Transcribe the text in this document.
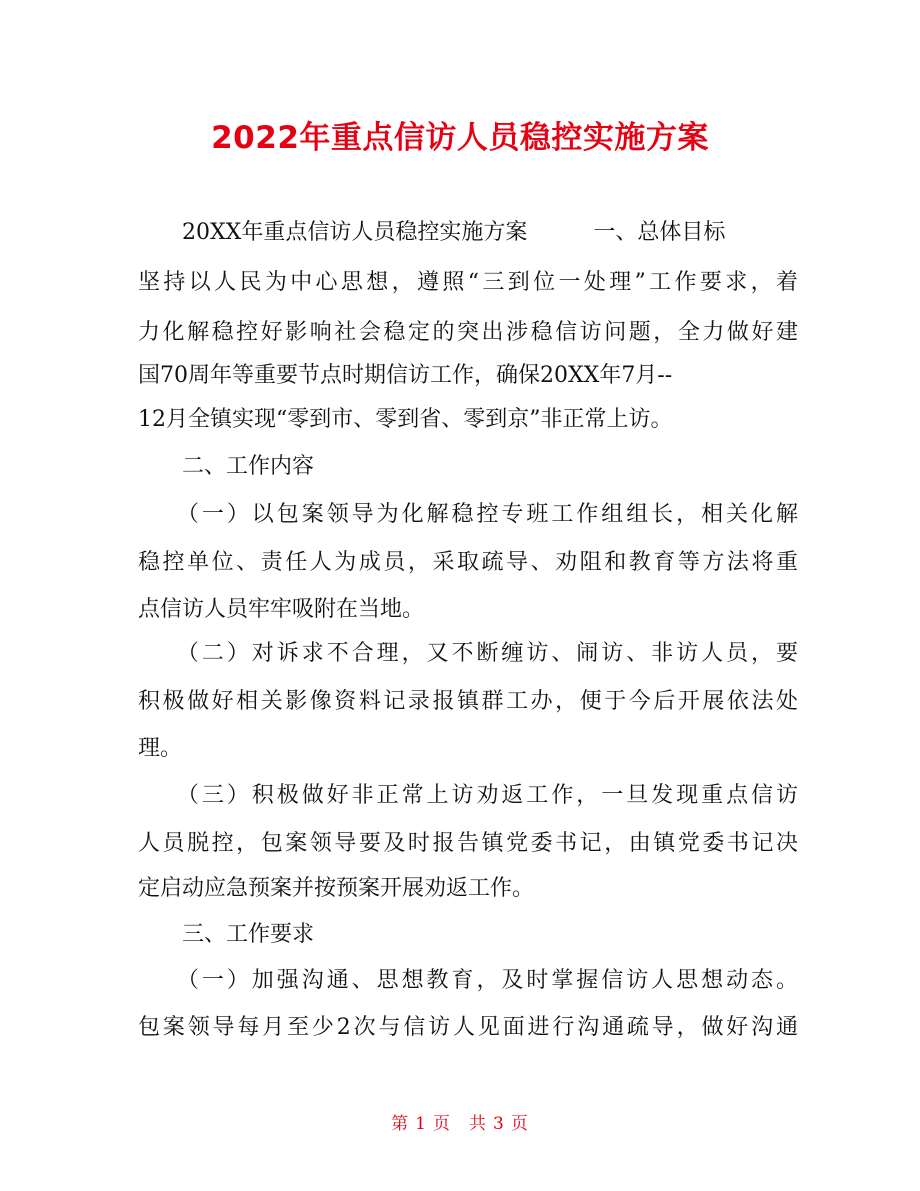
2022年重点信访人员稳控实施方案
　　20XX年重点信访人员稳控实施方案　　　一、总体目标
坚持以人民为中心思想，遵照“三到位一处理”工作要求，着
力化解稳控好影响社会稳定的突出涉稳信访问题，全力做好建
国70周年等重要节点时期信访工作，确保20XX年7月--
12月全镇实现“零到市、零到省、零到京”非正常上访。
　　二、工作内容
　　（一）以包案领导为化解稳控专班工作组组长，相关化解
稳控单位、责任人为成员，采取疏导、劝阻和教育等方法将重
点信访人员牢牢吸附在当地。
　　（二）对诉求不合理，又不断缠访、闹访、非访人员，要
积极做好相关影像资料记录报镇群工办，便于今后开展依法处
理。
　　（三）积极做好非正常上访劝返工作，一旦发现重点信访
人员脱控，包案领导要及时报告镇党委书记，由镇党委书记决
定启动应急预案并按预案开展劝返工作。
　　三、工作要求
　　（一）加强沟通、思想教育，及时掌握信访人思想动态。
包案领导每月至少2次与信访人见面进行沟通疏导，做好沟通
第 1 页　共 3 页
